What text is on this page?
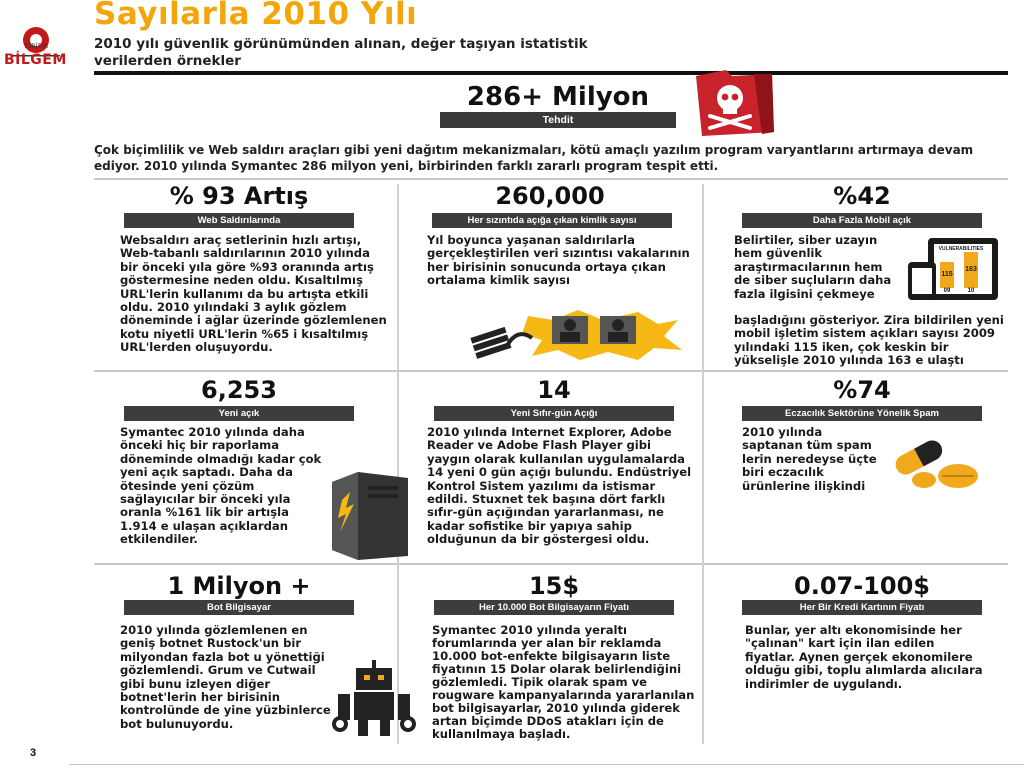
TÜBİTAK
BİLGEM
Sayılarla 2010 Yılı
2010 yılı güvenlik görünümünden alınan, değer taşıyan istatistik verilerden örnekler
286+ Milyon
Tehdit
Çok biçimlilik ve Web saldırı araçları gibi yeni dağıtım mekanizmaları, kötü amaçlı yazılım program varyantlarını artırmaya devam ediyor. 2010 yılında Symantec 286 milyon yeni, birbirinden farklı zararlı program tespit etti.
% 93 Artış
Web Saldırılarında
Websaldırı araç setlerinin hızlı artışı, Web-tabanlı saldırılarının 2010 yılında bir önceki yıla göre %93 oranında artış göstermesine neden oldu. Kısaltılmış URL'lerin kullanımı da bu artışta etkili oldu. 2010 yılındaki 3 aylık gözlem döneminde i ağlar üzerinde gözlemlenen kotu niyetli URL'lerin %65 i kısaltılmış URL'lerden oluşuyordu.
260,000
Her sızıntıda açığa çıkan kimlik sayısı
Yıl boyunca yaşanan saldırılarla gerçekleştirilen veri sızıntısı vakalarının her birisinin sonucunda ortaya çıkan ortalama kimlik sayısı
%42
Daha Fazla Mobil açık
Belirtiler, siber uzayın hem güvenlik araştırmacılarının hem de siber suçluların daha fazla ilgisini çekmeye
başladığını gösteriyor. Zira bildirilen yeni mobil işletim sistem açıkları sayısı 2009 yılındaki 115 iken, çok keskin bir yükselişle 2010 yılında 163 e ulaştı
VULNERABILITIES
115
163
09	10
6,253
Yeni açık
Symantec 2010 yılında daha önceki hiç bir raporlama döneminde olmadığı kadar çok yeni açık saptadı. Daha da ötesinde yeni çözüm sağlayıcılar bir önceki yıla oranla %161 lik bir artışla 1.914 e ulaşan açıklardan etkilendiler.
14
Yeni Sıfır-gün Açığı
2010 yılında Internet Explorer, Adobe Reader ve Adobe Flash Player gibi yaygın olarak kullanılan uygulamalarda 14 yeni 0 gün açığı bulundu. Endüstriyel Kontrol Sistem yazılımı da istismar edildi. Stuxnet tek başına dört farklı sıfır-gün açığından yararlanması, ne kadar sofistike bir yapıya sahip olduğunun da bir göstergesi oldu.
%74
Eczacılık Sektörüne Yönelik Spam
2010 yılında saptanan tüm spam lerin neredeyse üçte biri eczacılık ürünlerine ilişkindi
1 Milyon +
Bot Bilgisayar
2010 yılında gözlemlenen en geniş botnet Rustock'un bir milyondan fazla bot u yönettiği gözlemlendi. Grum ve Cutwail gibi bunu izleyen diğer botnet'lerin her birisinin kontrolünde de yine yüzbinlerce bot bulunuyordu.
15$
Her 10.000 Bot Bilgisayarın Fiyatı
Symantec 2010 yılında yeraltı forumlarında yer alan bir reklamda 10.000 bot-enfekte bilgisayarın liste fiyatının 15 Dolar olarak belirlendiğini gözlemledi. Tipik olarak spam ve rougware kampanyalarında yararlanılan bot bilgisayarlar, 2010 yılında giderek artan biçimde DDoS atakları için de kullanılmaya başladı.
0.07-100$
Her Bir Kredi Kartının Fiyatı
Bunlar, yer altı ekonomisinde her "çalınan" kart için ilan edilen fiyatlar. Aynen gerçek ekonomilere olduğu gibi, toplu alımlarda alıcılara indirimler de uygulandı.
3
